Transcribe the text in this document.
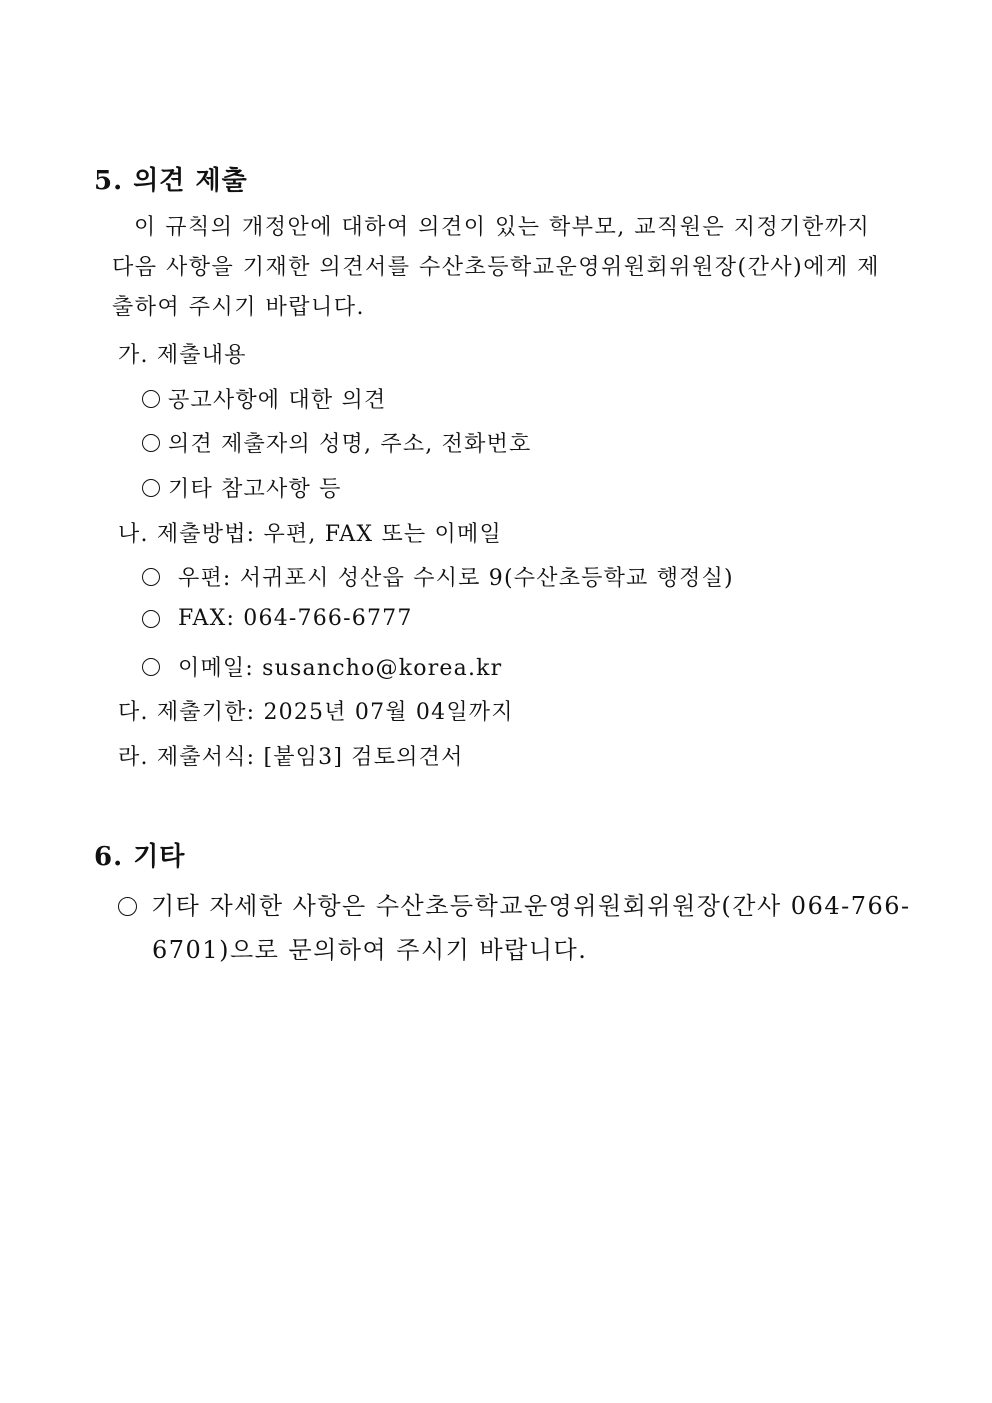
5. 의견 제출
이 규칙의 개정안에 대하여 의견이 있는 학부모, 교직원은 지정기한까지
다음 사항을 기재한 의견서를 수산초등학교운영위원회위원장(간사)에게 제
출하여 주시기 바랍니다.
가. 제출내용
공고사항에 대한 의견
의견 제출자의 성명, 주소, 전화번호
기타 참고사항 등
나. 제출방법: 우편, FAX 또는 이메일
우편: 서귀포시 성산읍 수시로 9(수산초등학교 행정실)
FAX: 064-766-6777
이메일: susancho@korea.kr
다. 제출기한: 2025년 07월 04일까지
라. 제출서식: [붙임3] 검토의견서
6. 기타
기타 자세한 사항은 수산초등학교운영위원회위원장(간사 064-766-
6701)으로 문의하여 주시기 바랍니다.
